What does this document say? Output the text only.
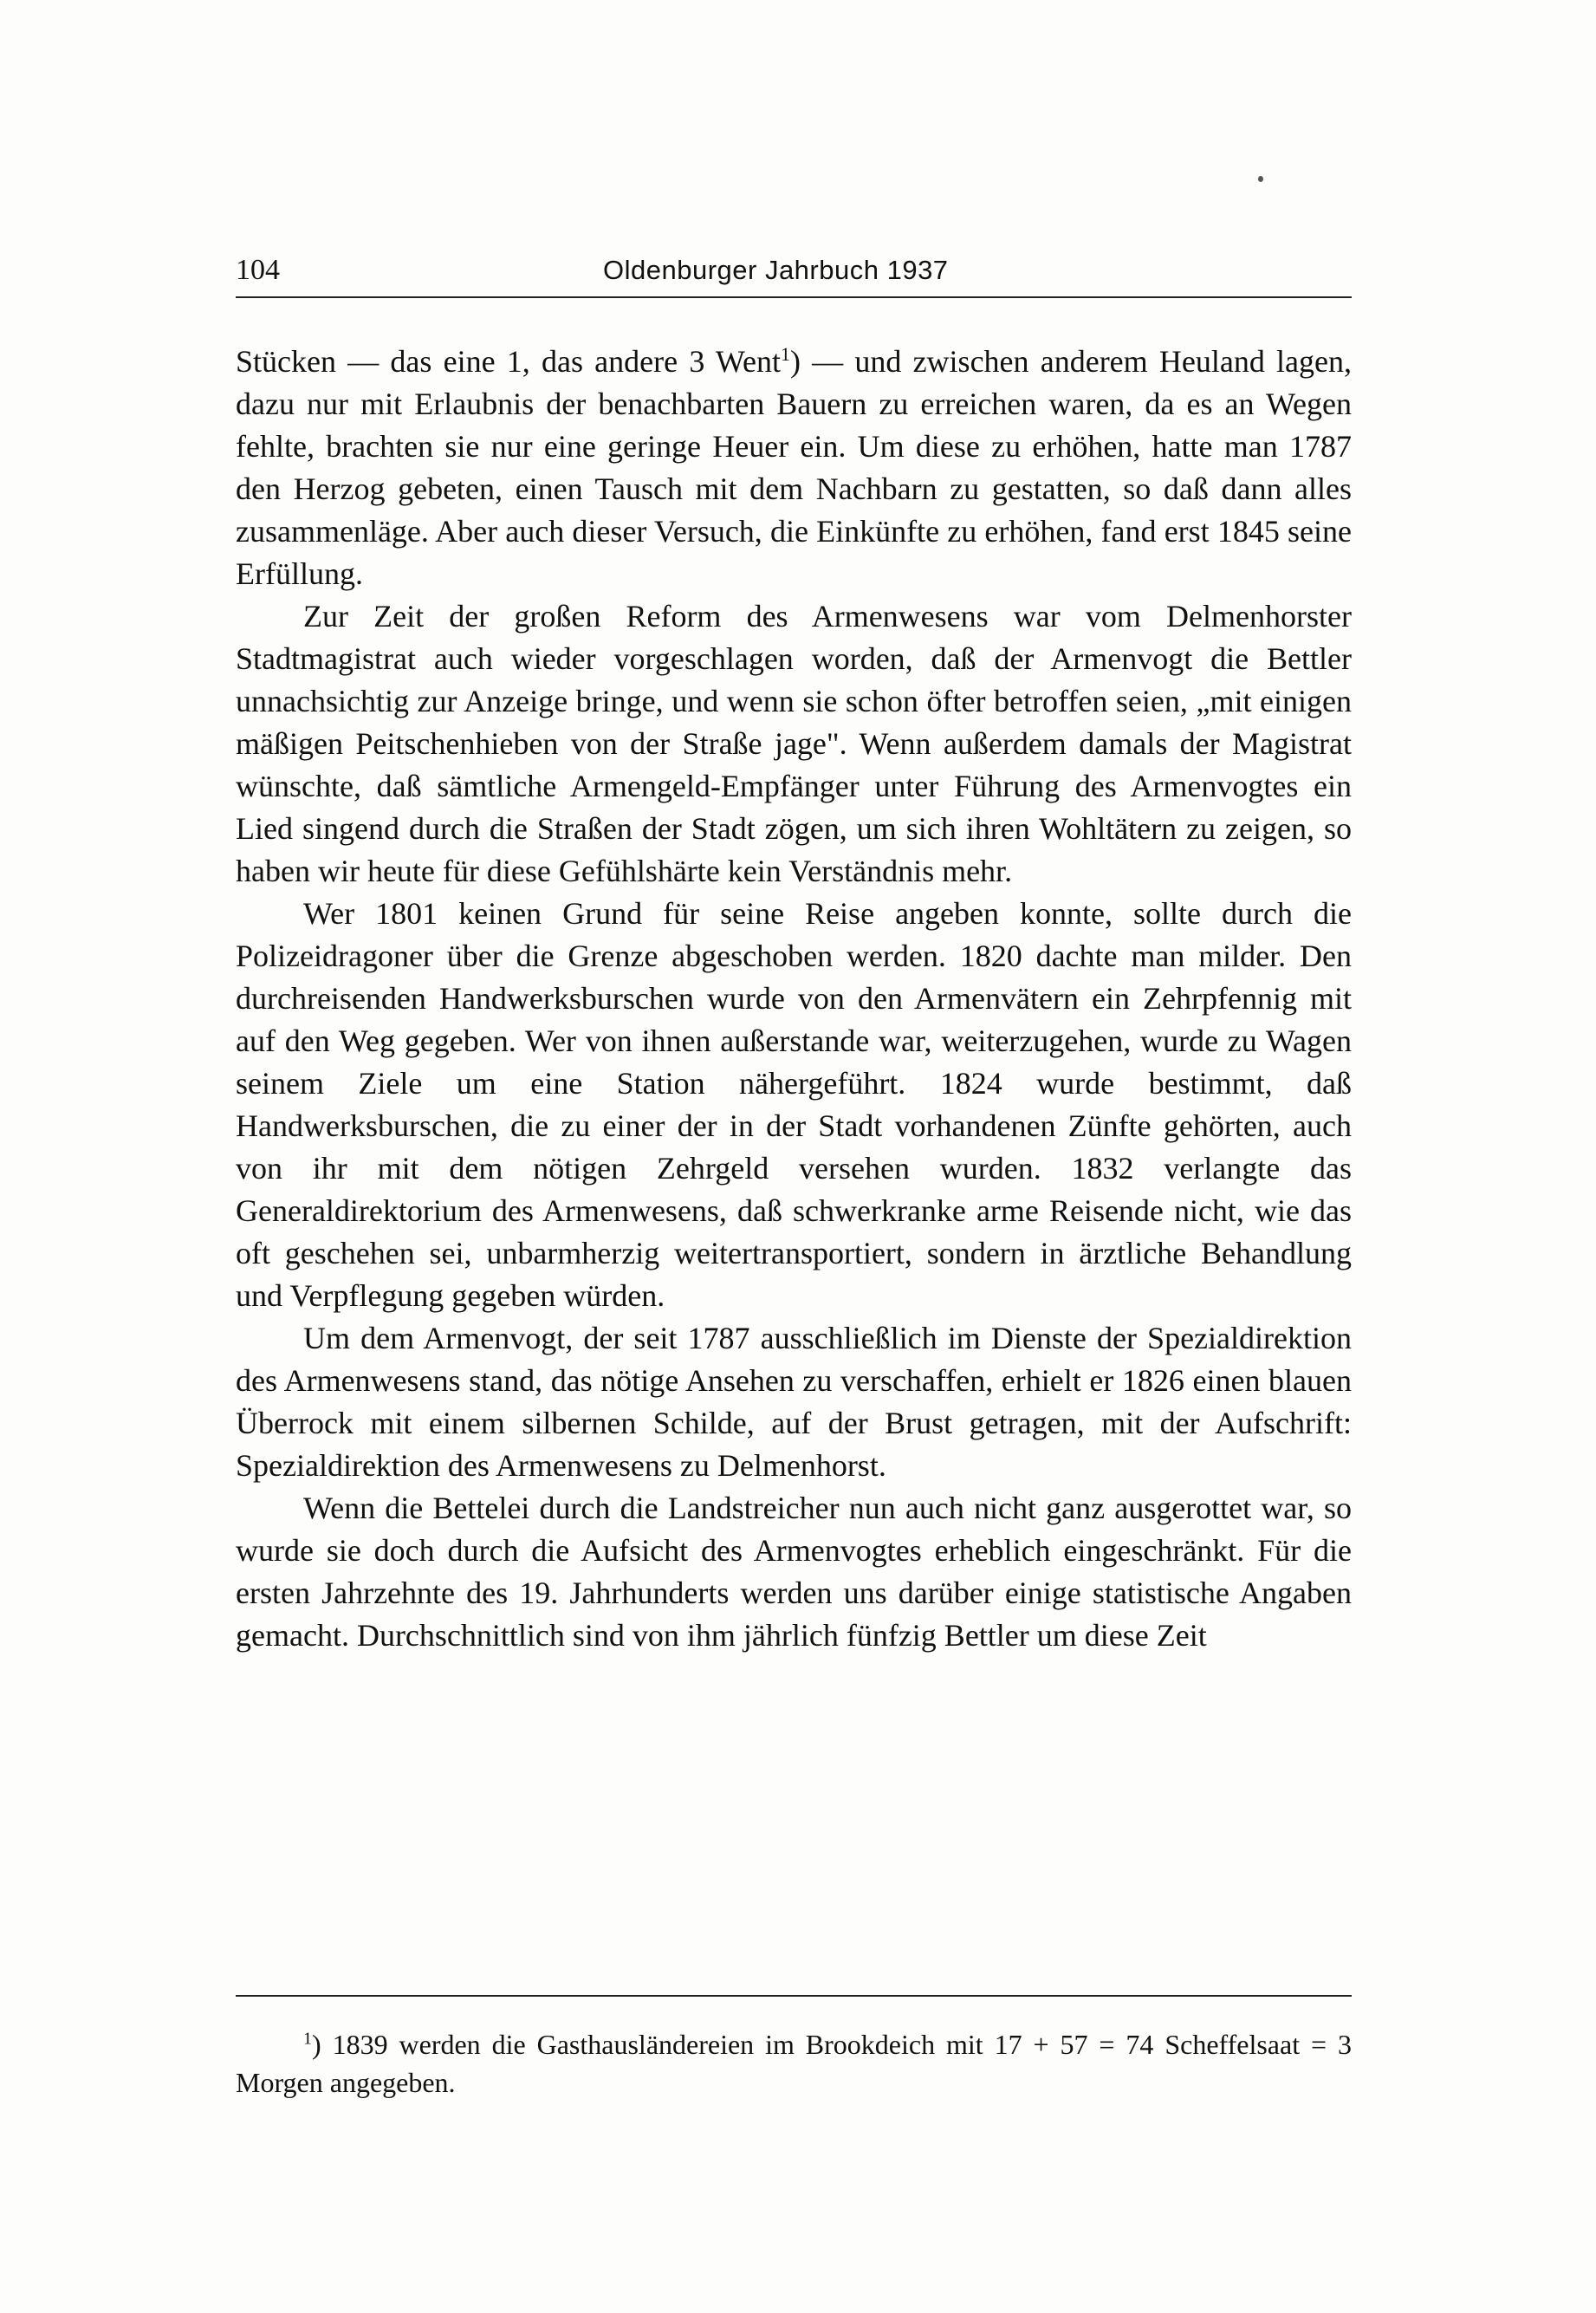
104	Oldenburger Jahrbuch 1937

Stücken — das eine 1, das andere 3 Went$^1$) — und zwischen anderem Heuland lagen, dazu nur mit Erlaubnis der benachbarten Bauern zu erreichen waren, da es an Wegen fehlte, brachten sie nur eine geringe Heuer ein. Um diese zu erhöhen, hatte man 1787 den Herzog gebeten, einen Tausch mit dem Nachbarn zu gestatten, so daß dann alles zusammenläge. Aber auch dieser Versuch, die Einkünfte zu erhöhen, fand erst 1845 seine Erfüllung.

Zur Zeit der großen Reform des Armenwesens war vom Delmenhorster Stadtmagistrat auch wieder vorgeschlagen worden, daß der Armenvogt die Bettler unnachsichtig zur Anzeige bringe, und wenn sie schon öfter betroffen seien, „mit einigen mäßigen Peitschenhieben von der Straße jage". Wenn außerdem damals der Magistrat wünschte, daß sämtliche Armengeld-Empfänger unter Führung des Armenvogtes ein Lied singend durch die Straßen der Stadt zögen, um sich ihren Wohltätern zu zeigen, so haben wir heute für diese Gefühlshärte kein Verständnis mehr.

Wer 1801 keinen Grund für seine Reise angeben konnte, sollte durch die Polizeidragoner über die Grenze abgeschoben werden. 1820 dachte man milder. Den durchreisenden Handwerksburschen wurde von den Armenvätern ein Zehrpfennig mit auf den Weg gegeben. Wer von ihnen außerstande war, weiterzugehen, wurde zu Wagen seinem Ziele um eine Station nähergeführt. 1824 wurde bestimmt, daß Handwerksburschen, die zu einer der in der Stadt vorhandenen Zünfte gehörten, auch von ihr mit dem nötigen Zehrgeld versehen wurden. 1832 verlangte das Generaldirektorium des Armenwesens, daß schwerkranke arme Reisende nicht, wie das oft geschehen sei, unbarmherzig weitertransportiert, sondern in ärztliche Behandlung und Verpflegung gegeben würden.

Um dem Armenvogt, der seit 1787 ausschließlich im Dienste der Spezialdirektion des Armenwesens stand, das nötige Ansehen zu verschaffen, erhielt er 1826 einen blauen Überrock mit einem silbernen Schilde, auf der Brust getragen, mit der Aufschrift: Spezialdirektion des Armenwesens zu Delmenhorst.

Wenn die Bettelei durch die Landstreicher nun auch nicht ganz ausgerottet war, so wurde sie doch durch die Aufsicht des Armenvogtes erheblich eingeschränkt. Für die ersten Jahrzehnte des 19. Jahrhunderts werden uns darüber einige statistische Angaben gemacht. Durchschnittlich sind von ihm jährlich fünfzig Bettler um diese Zeit

$^1$) 1839 werden die Gasthausländereien im Brookdeich mit 17 + 57 = 74 Scheffelsaat = 3 Morgen angegeben.
